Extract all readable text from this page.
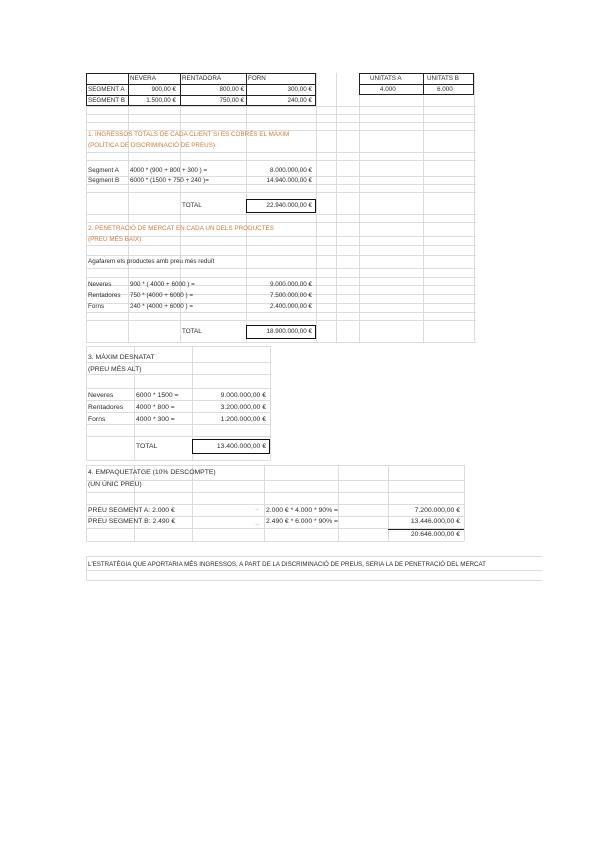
NEVERA	RENTADORA	FORN
SEGMENT A	900,00 €	800,00 €	300,00 €
SEGMENT B	1.500,00 €	750,00 €	240,00 €
UNITATS A	UNITATS B
4.000	6.000
1. INGRESSOS TOTALS DE CADA CLIENT SI ES COBRÉS EL MÀXIM
(POLÍTICA DE DISCRIMINACIÓ DE PREUS)
Segment A 4000 * (900 + 800 + 300 ) =	8.000.000,00 €
Segment B 6000 * (1500 + 750 + 240 )=	14.940.000,00 €
TOTAL	22.940.000,00 €
2. PENETRACIÓ DE MERCAT EN CADA UN DELS PRODUCTES
(PREU MÉS BAIX)
Agafarem els productes amb preu més reduït
Neveres	900 * ( 4000 + 6000 ) =	9.000.000,00 €
Rentadores 750 * (4000 + 6000 ) =	7.500.000,00 €
Forns	240 * (4000 + 6000 ) =	2.400.000,00 €
TOTAL	18.900.000,00 €
3. MÀXIM DESNATAT
(PREU MÉS ALT)
Neveres	6000 * 1500 =	9.000.000,00 €
Rentadores 4000 * 800 =	3.200.000,00 €
Forns	4000 * 300 =	1.200.000,00 €
TOTAL	13.400.000,00 €
4. EMPAQUETATGE (10% DESCOMPTE)
(UN ÚNIC PREU)
PREU SEGMENT A: 2.000 €	→ 2.000 € * 4.000 * 90% =	7.200.000,00 €
PREU SEGMENT B: 2.490 €	→ 2.490 € * 6.000 * 90% =	13.446.000,00 €
20.646.000,00 €
L'ESTRATÈGIA QUE APORTARIA MÉS INGRESSOS, A PART DE LA DISCRIMINACIÓ DE PREUS, SERIA LA DE PENETRACIÓ DEL MERCAT
